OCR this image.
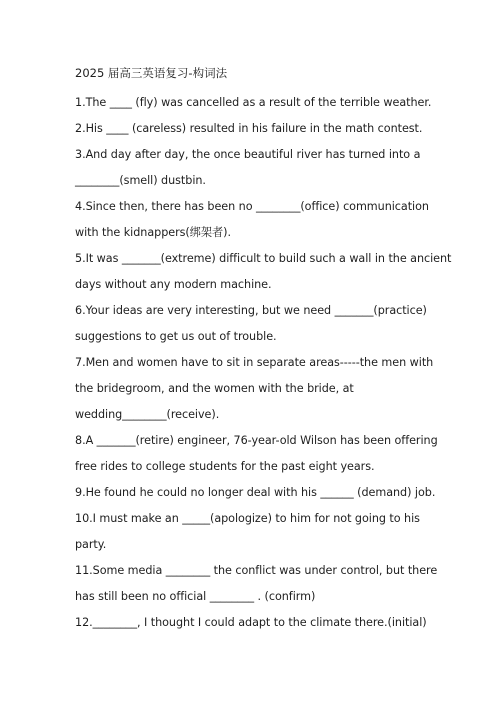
2025 届高三英语复习-构词法
1.The ____ (fly) was cancelled as a result of the terrible weather.
2.His ____ (careless) resulted in his failure in the math contest.
3.And day after day, the once beautiful river has turned into a
________(smell) dustbin.
4.Since then, there has been no ________(office) communication
with the kidnappers(绑架者).
5.It was _______(extreme) difficult to build such a wall in the ancient
days without any modern machine.
6.Your ideas are very interesting, but we need _______(practice)
suggestions to get us out of trouble.
7.Men and women have to sit in separate areas-----the men with
the bridegroom, and the women with the bride, at
wedding________(receive).
8.A _______(retire) engineer, 76-year-old Wilson has been offering
free rides to college students for the past eight years.
9.He found he could no longer deal with his ______ (demand) job.
10.I must make an _____(apologize) to him for not going to his
party.
11.Some media ________ the conflict was under control, but there
has still been no official ________ . (confirm)
12.________, I thought I could adapt to the climate there.(initial)
